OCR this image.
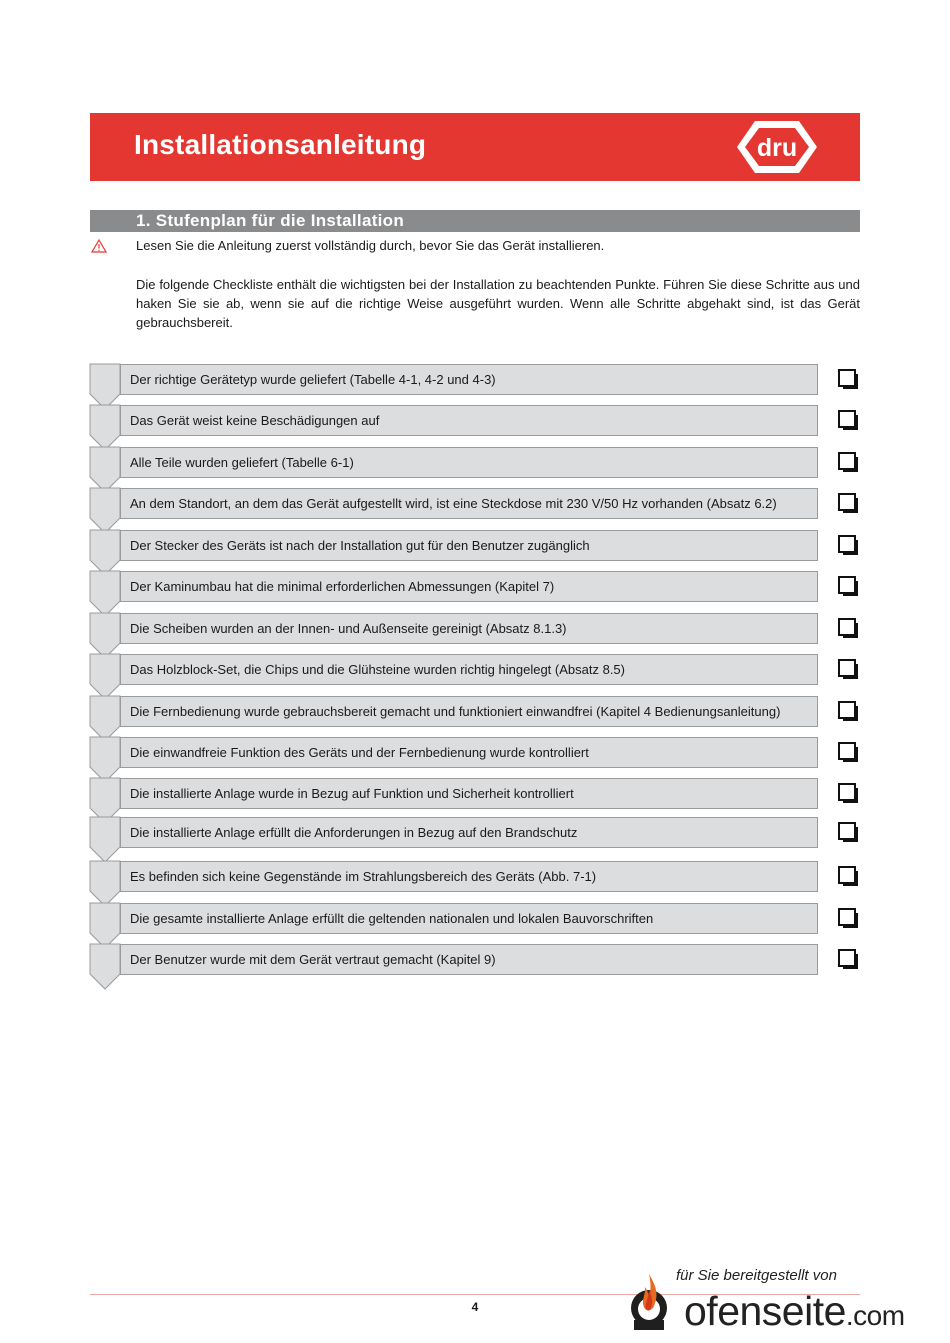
Installationsanleitung	dru
1. Stufenplan für die Installation
Lesen Sie die Anleitung zuerst vollständig durch, bevor Sie das Gerät installieren.
Die folgende Checkliste enthält die wichtigsten bei der Installation zu beachtenden Punkte. Führen Sie diese Schritte aus und haken Sie sie ab, wenn sie auf die richtige Weise ausgeführt wurden. Wenn alle Schritte abgehakt sind, ist das Gerät gebrauchsbereit.
Der richtige Gerätetyp wurde geliefert (Tabelle 4-1, 4-2 und 4-3)
Das Gerät weist keine Beschädigungen auf
Alle Teile wurden geliefert (Tabelle 6-1)
An dem Standort, an dem das Gerät aufgestellt wird, ist eine Steckdose mit 230 V/50 Hz vorhanden (Absatz 6.2)
Der Stecker des Geräts ist nach der Installation gut für den Benutzer zugänglich
Der Kaminumbau hat die minimal erforderlichen Abmessungen (Kapitel 7)
Die Scheiben wurden an der Innen- und Außenseite gereinigt (Absatz 8.1.3)
Das Holzblock-Set, die Chips und die Glühsteine wurden richtig hingelegt (Absatz 8.5)
Die Fernbedienung wurde gebrauchsbereit gemacht und funktioniert einwandfrei (Kapitel 4 Bedienungsanleitung)
Die einwandfreie Funktion des Geräts und der Fernbedienung wurde kontrolliert
Die installierte Anlage wurde in Bezug auf Funktion und Sicherheit kontrolliert
Die installierte Anlage erfüllt die Anforderungen in Bezug auf den Brandschutz
Es befinden sich keine Gegenstände im Strahlungsbereich des Geräts (Abb. 7-1)
Die gesamte installierte Anlage erfüllt die geltenden nationalen und lokalen Bauvorschriften
Der Benutzer wurde mit dem Gerät vertraut gemacht (Kapitel 9)
4
für Sie bereitgestellt von
ofenseite.com
